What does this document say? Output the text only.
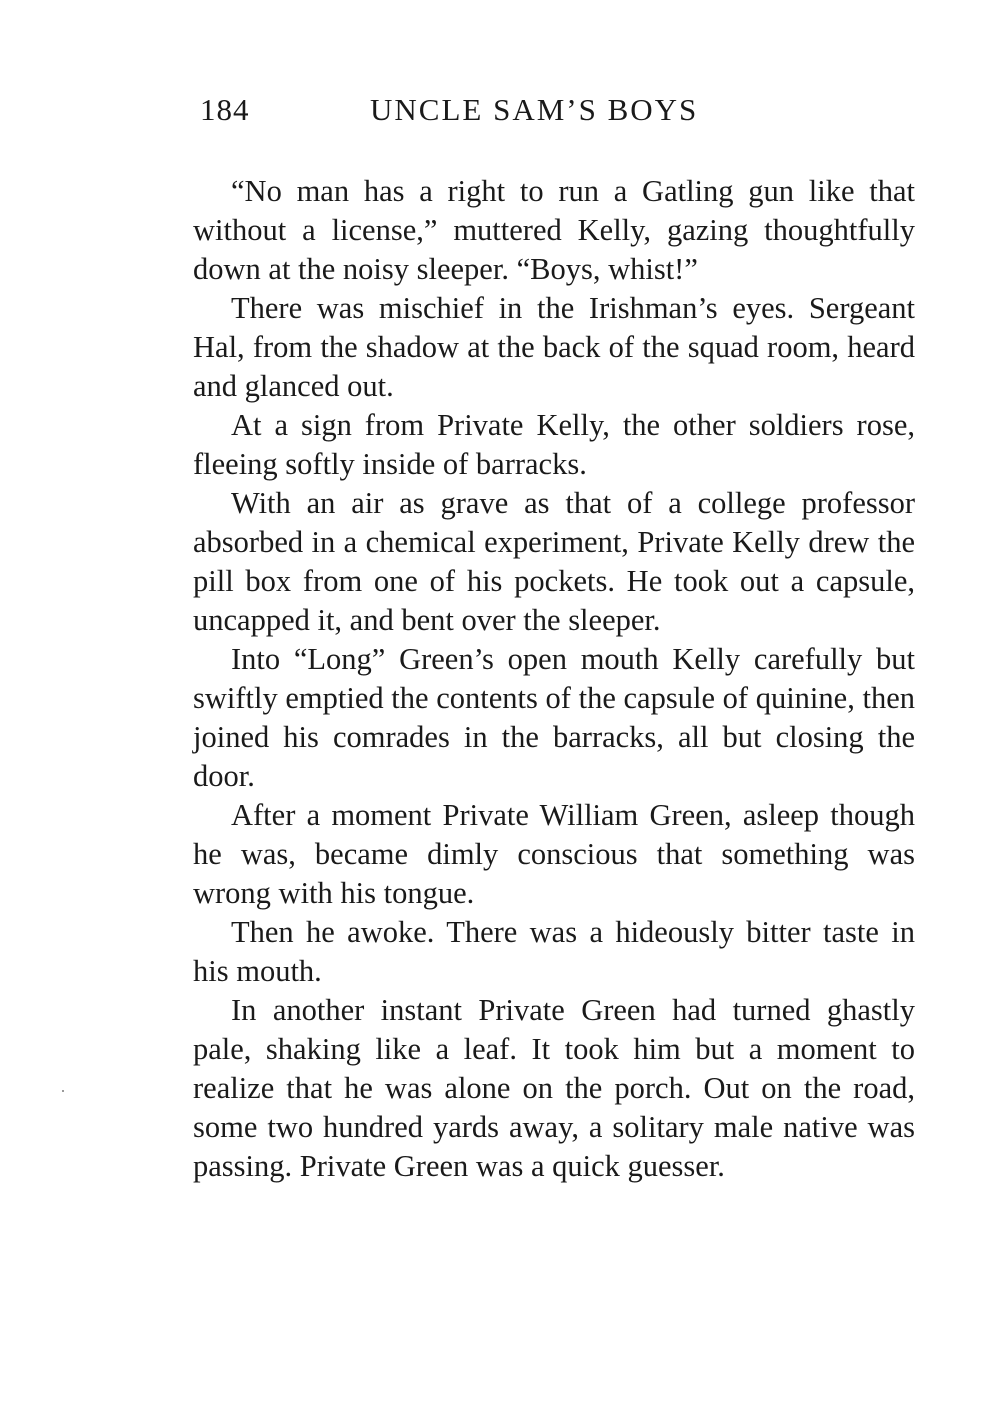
184	UNCLE SAM’S BOYS

“No man has a right to run a Gatling gun like that without a license,” muttered Kelly, gazing thoughtfully down at the noisy sleeper. “Boys, whist!”

There was mischief in the Irishman’s eyes. Sergeant Hal, from the shadow at the back of the squad room, heard and glanced out.

At a sign from Private Kelly, the other soldiers rose, fleeing softly inside of barracks.

With an air as grave as that of a college professor absorbed in a chemical experiment, Private Kelly drew the pill box from one of his pockets. He took out a capsule, uncapped it, and bent over the sleeper.

Into “Long” Green’s open mouth Kelly carefully but swiftly emptied the contents of the capsule of quinine, then joined his comrades in the barracks, all but closing the door.

After a moment Private William Green, asleep though he was, became dimly conscious that something was wrong with his tongue.

Then he awoke. There was a hideously bitter taste in his mouth.

In another instant Private Green had turned ghastly pale, shaking like a leaf. It took him but a moment to realize that he was alone on the porch. Out on the road, some two hundred yards away, a solitary male native was passing. Private Green was a quick guesser.
